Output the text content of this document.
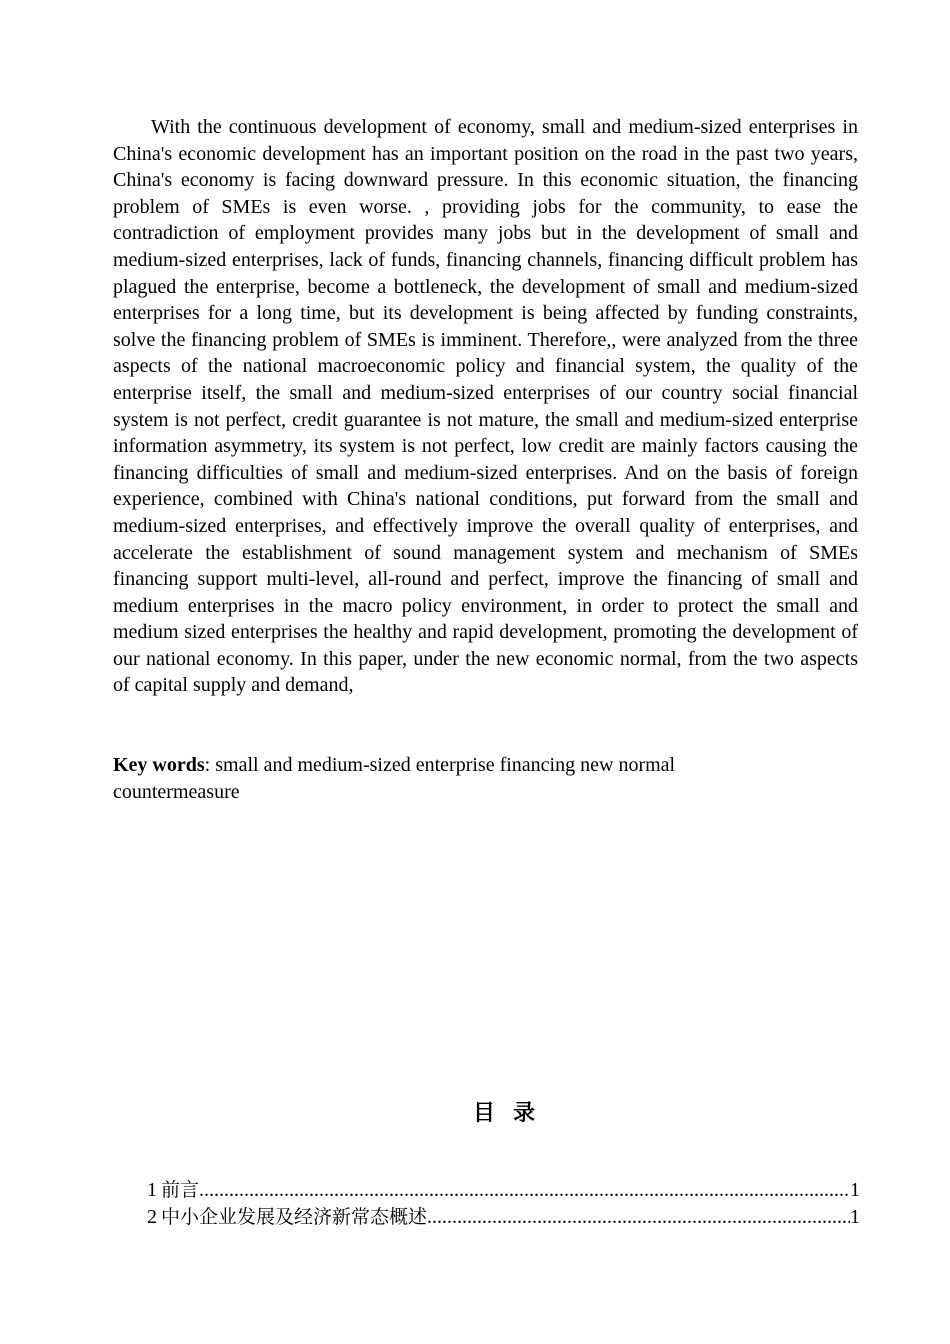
With the continuous development of economy, small and medium-sized enterprises in China's economic development has an important position on the road in the past two years, China's economy is facing downward pressure. In this economic situation, the financing problem of SMEs is even worse. , providing jobs for the community, to ease the contradiction of employment provides many jobs but in the development of small and medium-sized enterprises, lack of funds, financing channels, financing difficult problem has plagued the enterprise, become a bottleneck, the development of small and medium-sized enterprises for a long time, but its development is being affected by funding constraints, solve the financing problem of SMEs is imminent. Therefore,, were analyzed from the three aspects of the national macroeconomic policy and financial system, the quality of the enterprise itself, the small and medium-sized enterprises of our country social financial system is not perfect, credit guarantee is not mature, the small and medium-sized enterprise information asymmetry, its system is not perfect, low credit are mainly factors causing the financing difficulties of small and medium-sized enterprises. And on the basis of foreign experience, combined with China's national conditions, put forward from the small and medium-sized enterprises, and effectively improve the overall quality of enterprises, and accelerate the establishment of sound management system and mechanism of SMEs financing support multi-level, all-round and perfect, improve the financing of small and medium enterprises in the macro policy environment, in order to protect the small and medium sized enterprises the healthy and rapid development, promoting the development of our national economy. In this paper, under the new economic normal, from the two aspects of capital supply and demand,

Key words: small and medium-sized enterprise financing new normal countermeasure

目录
1 前言 .....	1
2 中小企业发展及经济新常态概述 .....	1
